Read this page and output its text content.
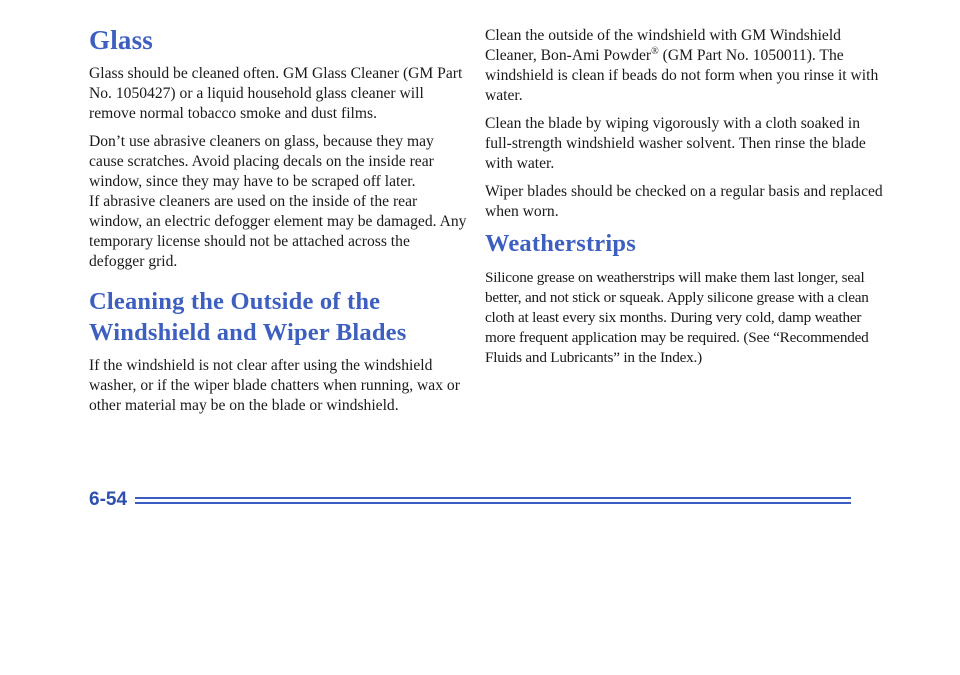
Glass

Glass should be cleaned often. GM Glass Cleaner (GM Part No. 1050427) or a liquid household glass cleaner will remove normal tobacco smoke and dust films.

Don’t use abrasive cleaners on glass, because they may cause scratches. Avoid placing decals on the inside rear window, since they may have to be scraped off later.

If abrasive cleaners are used on the inside of the rear window, an electric defogger element may be damaged. Any temporary license should not be attached across the defogger grid.

Cleaning the Outside of the
Windshield and Wiper Blades

If the windshield is not clear after using the windshield washer, or if the wiper blade chatters when running, wax or other material may be on the blade or windshield.

Clean the outside of the windshield with GM Windshield Cleaner, Bon-Ami Powder® (GM Part No. 1050011). The windshield is clean if beads do not form when you rinse it with water.

Clean the blade by wiping vigorously with a cloth soaked in full-strength windshield washer solvent. Then rinse the blade with water.

Wiper blades should be checked on a regular basis and replaced when worn.

Weatherstrips

Silicone grease on weatherstrips will make them last longer, seal better, and not stick or squeak. Apply silicone grease with a clean cloth at least every six months. During very cold, damp weather more frequent application may be required. (See “Recommended Fluids and Lubricants” in the Index.)

6-54
